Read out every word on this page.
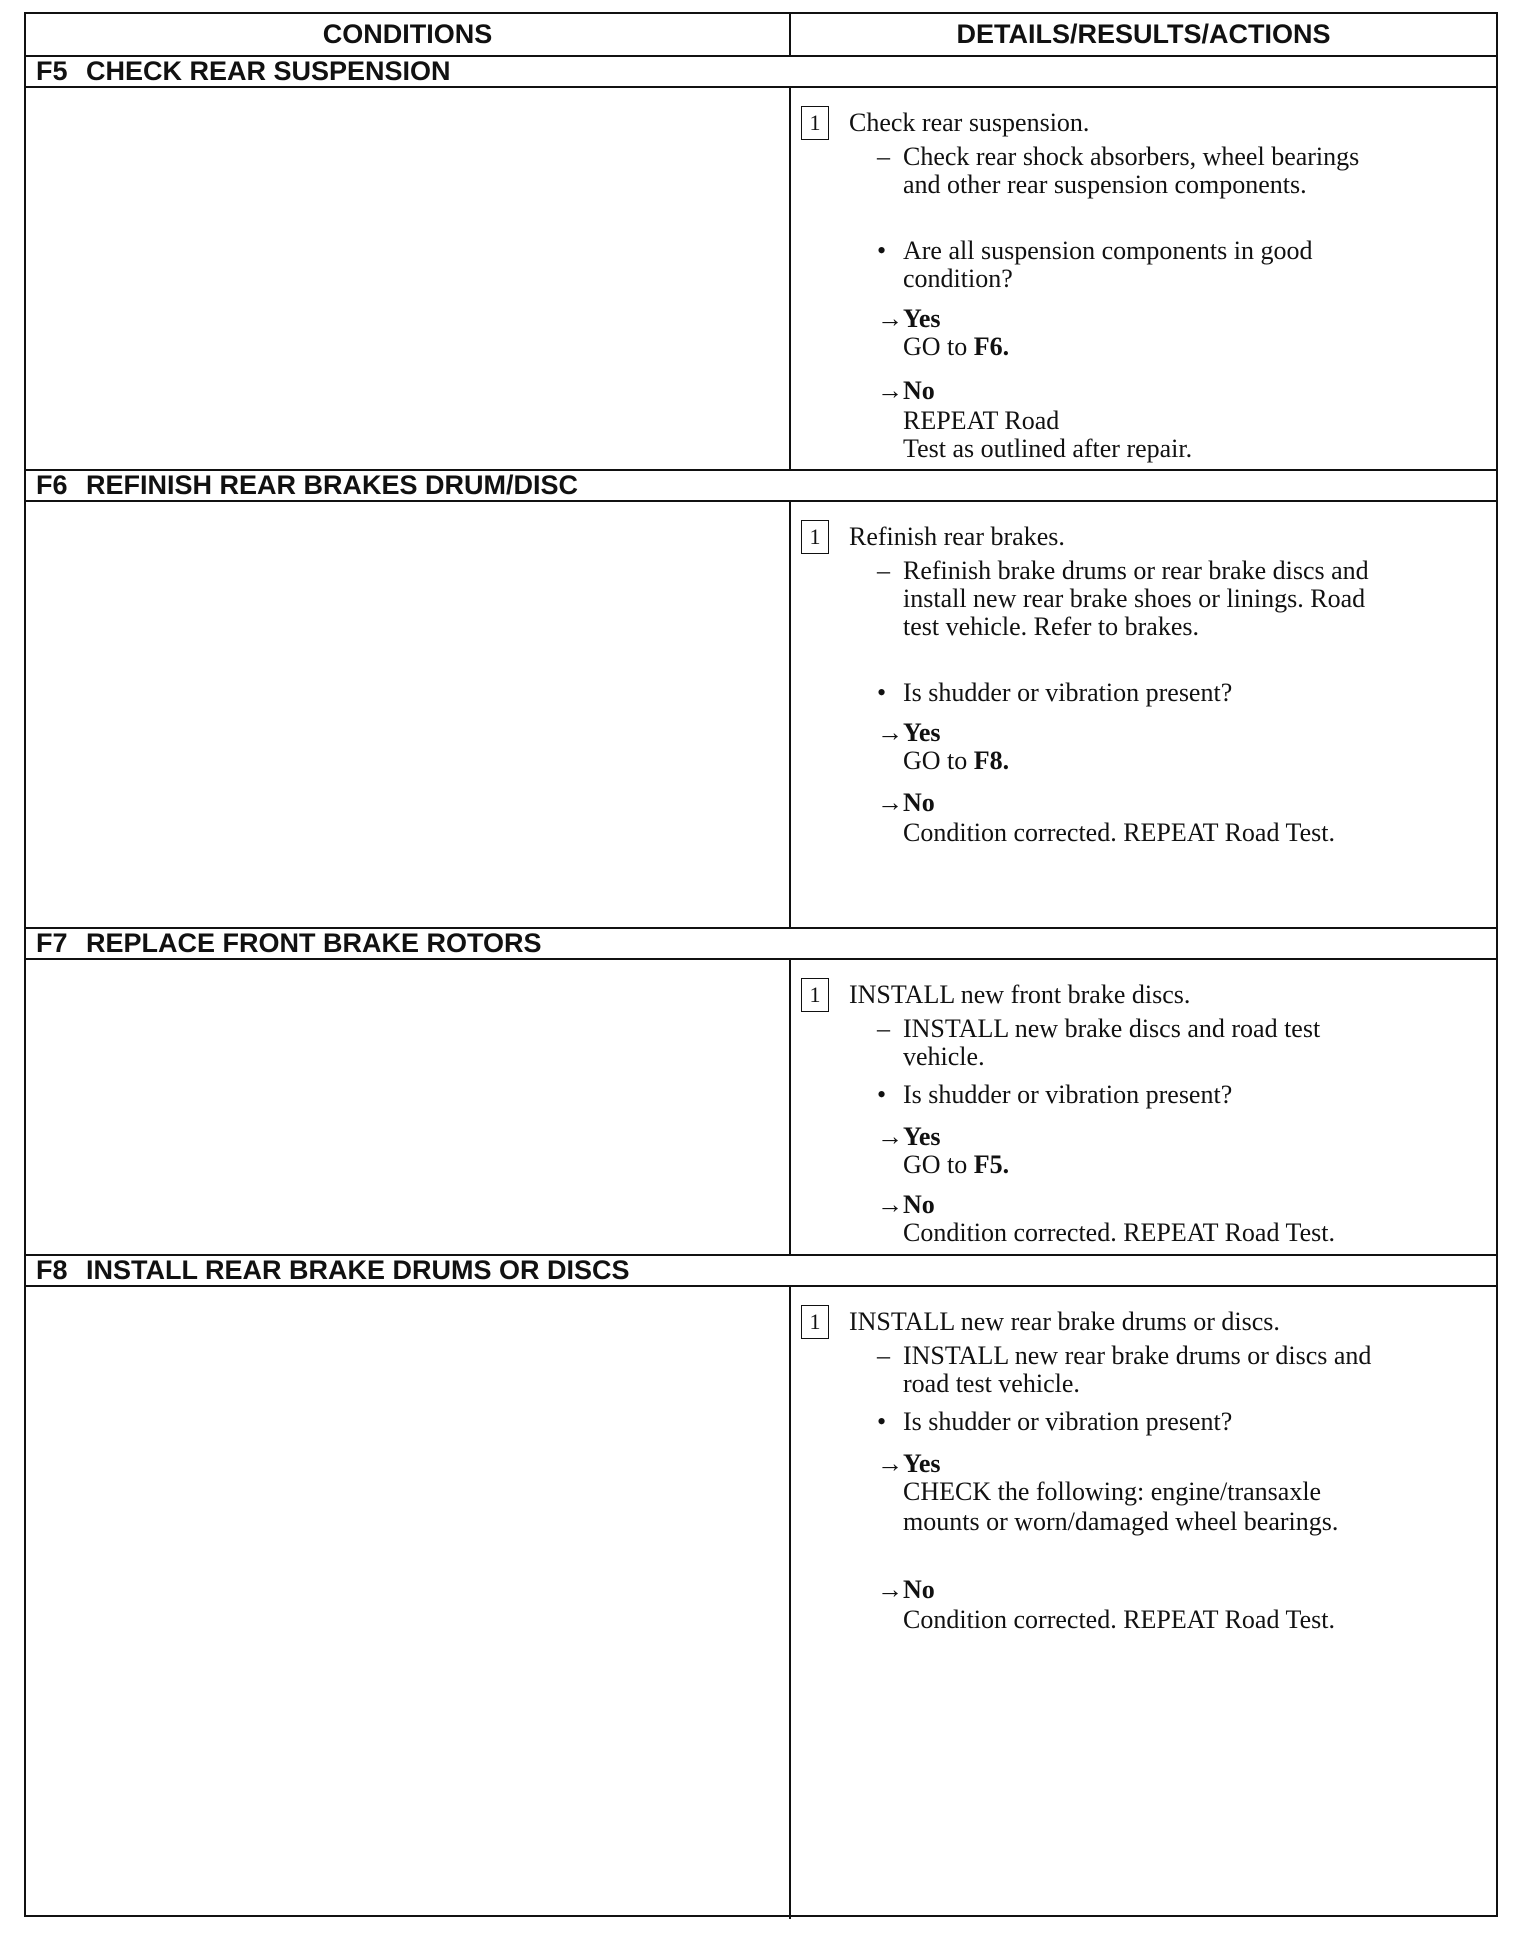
CONDITIONS	DETAILS/RESULTS/ACTIONS
F5 CHECK REAR SUSPENSION
1	Check rear suspension.
– Check rear shock absorbers, wheel bearings
and other rear suspension components.
• Are all suspension components in good
condition?
→Yes
GO to F6.
→No
REPEAT Road
Test as outlined after repair.
F6 REFINISH REAR BRAKES DRUM/DISC
1	Refinish rear brakes.
– Refinish brake drums or rear brake discs and
install new rear brake shoes or linings. Road
test vehicle. Refer to brakes.
• Is shudder or vibration present?
→Yes
GO to F8.
→No
Condition corrected. REPEAT Road Test.
F7 REPLACE FRONT BRAKE ROTORS
1	INSTALL new front brake discs.
– INSTALL new brake discs and road test
vehicle.
• Is shudder or vibration present?
→Yes
GO to F5.
→No
Condition corrected. REPEAT Road Test.
F8 INSTALL REAR BRAKE DRUMS OR DISCS
1	INSTALL new rear brake drums or discs.
– INSTALL new rear brake drums or discs and
road test vehicle.
• Is shudder or vibration present?
→Yes
CHECK the following: engine/transaxle
mounts or worn/damaged wheel bearings.
→No
Condition corrected. REPEAT Road Test.
